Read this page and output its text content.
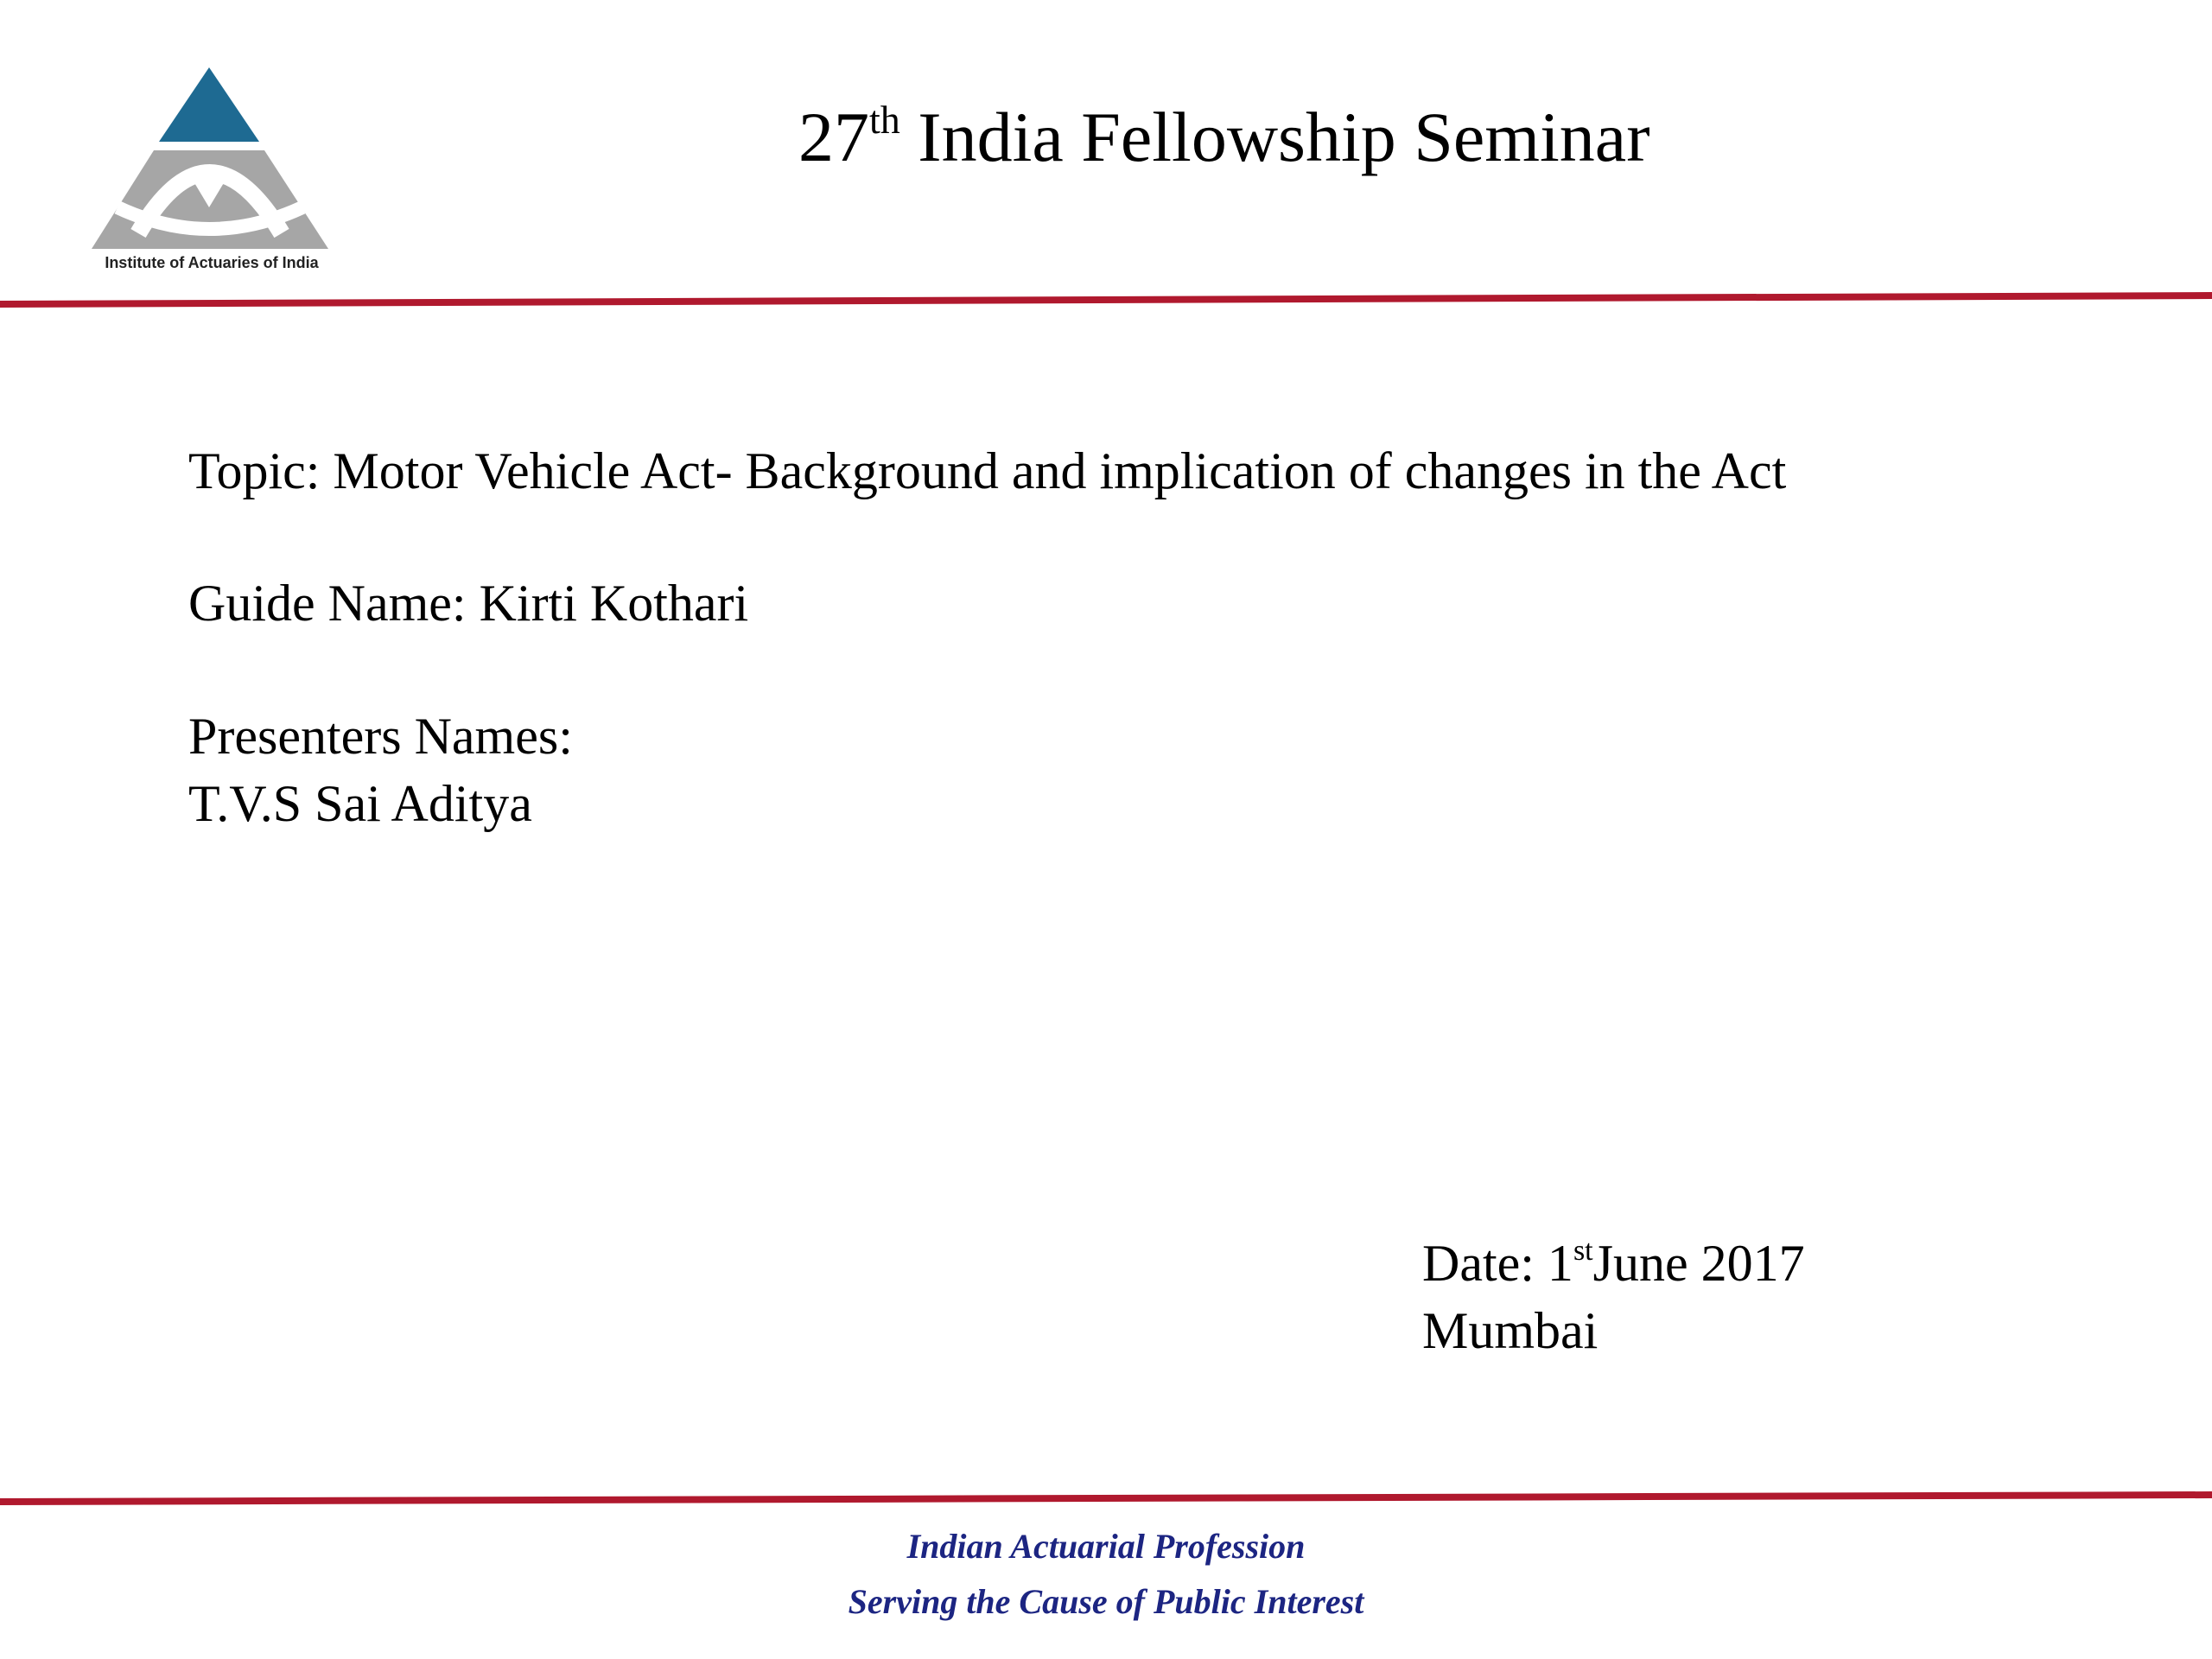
Institute of Actuaries of India
27th India Fellowship Seminar
Topic: Motor Vehicle Act- Background and implication of changes in the Act
Guide Name: Kirti Kothari
Presenters Names:
T.V.S Sai Aditya
Date: 1stJune 2017
Mumbai
Indian Actuarial Profession
Serving the Cause of Public Interest
